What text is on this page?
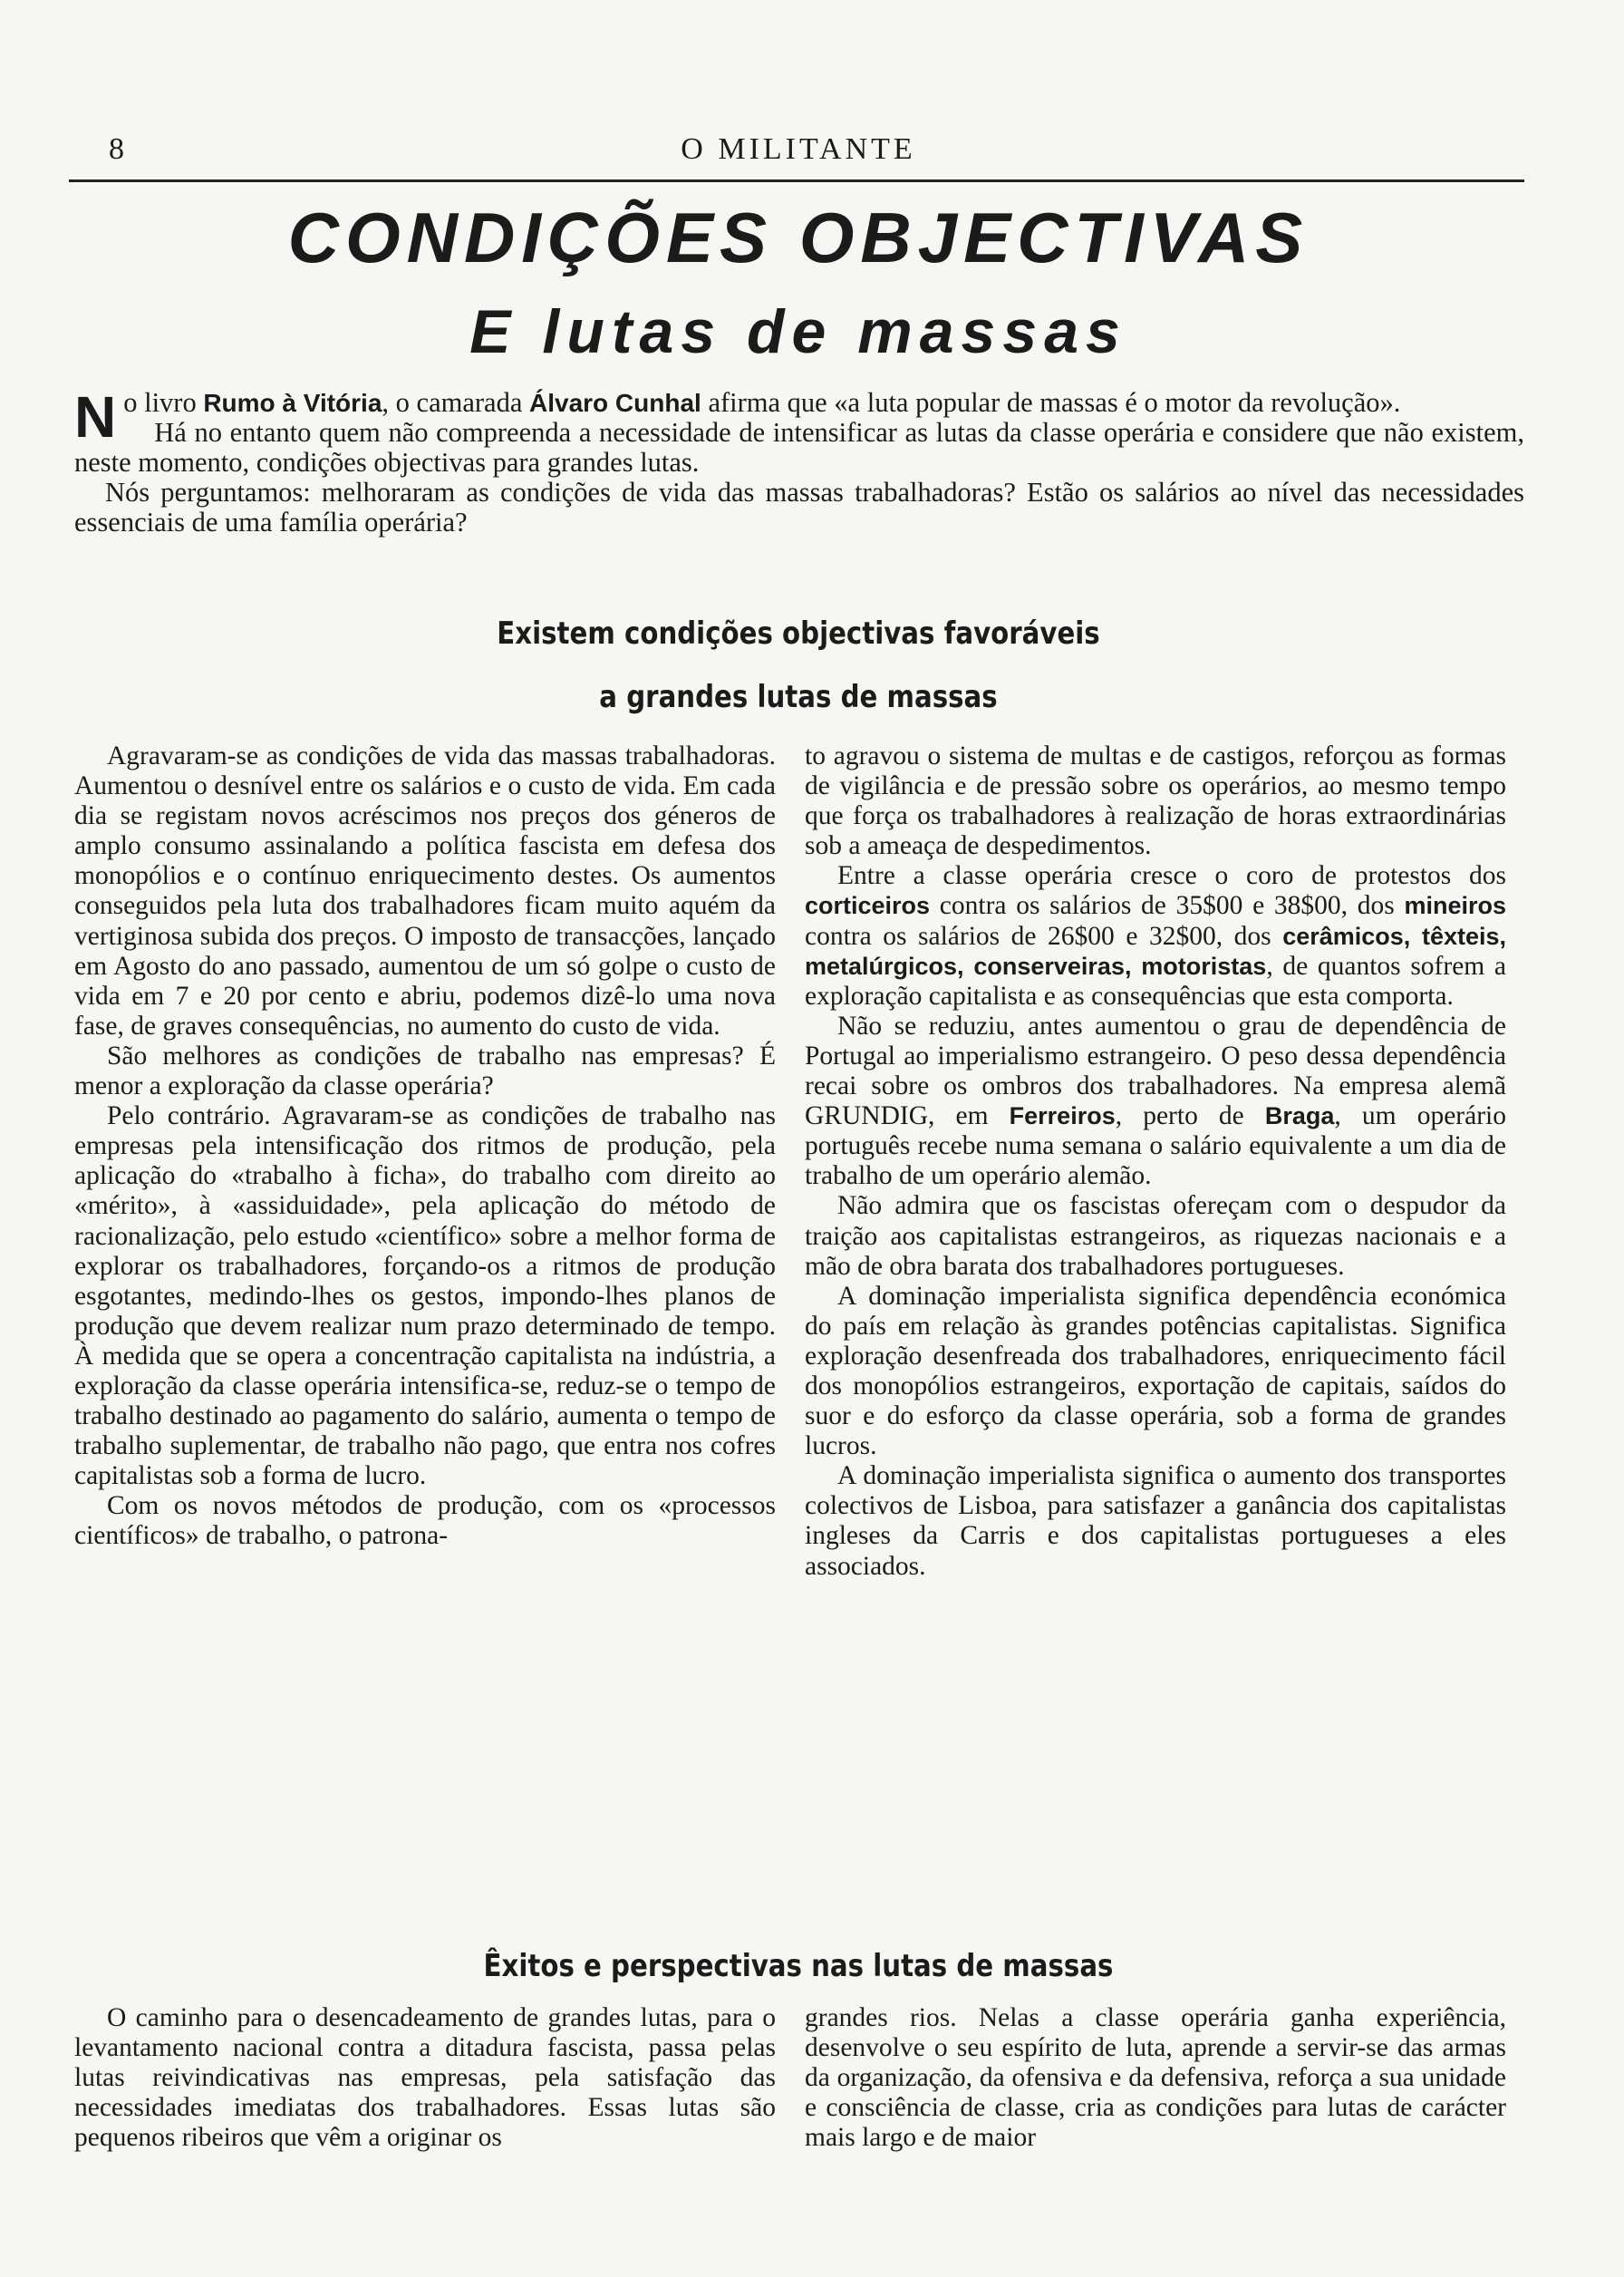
8	O MILITANTE
CONDIÇÕES OBJECTIVAS
E lutas de massas

No livro Rumo à Vitória, o camarada Álvaro Cunhal afirma que «a luta popular de massas é o motor da revolução».

Há no entanto quem não compreenda a necessidade de intensificar as lutas da classe operária e considere que não existem, neste momento, condições objectivas para grandes lutas.

Nós perguntamos: melhoraram as condições de vida das massas trabalhadoras? Estão os salários ao nível das necessidades essenciais de uma família operária?

Existem condições objectivas favoráveis
a grandes lutas de massas

Agravaram-se as condições de vida das massas trabalhadoras. Aumentou o desnível entre os salários e o custo de vida. Em cada dia se registam novos acréscimos nos preços dos géneros de amplo consumo assinalando a política fascista em defesa dos monopólios e o contínuo enriquecimento destes. Os aumentos conseguidos pela luta dos trabalhadores ficam muito aquém da vertiginosa subida dos preços. O imposto de transacções, lançado em Agosto do ano passado, aumentou de um só golpe o custo de vida em 7 e 20 por cento e abriu, podemos dizê-lo uma nova fase, de graves consequências, no aumento do custo de vida.

São melhores as condições de trabalho nas empresas? É menor a exploração da classe operária?

Pelo contrário. Agravaram-se as condições de trabalho nas empresas pela intensificação dos ritmos de produção, pela aplicação do «trabalho à ficha», do trabalho com direito ao «mérito», à «assiduidade», pela aplicação do método de racionalização, pelo estudo «científico» sobre a melhor forma de explorar os trabalhadores, forçando-os a ritmos de produção esgotantes, medindo-lhes os gestos, impondo-lhes planos de produção que devem realizar num prazo determinado de tempo. À medida que se opera a concentração capitalista na indústria, a exploração da classe operária intensifica-se, reduz-se o tempo de trabalho destinado ao pagamento do salário, aumenta o tempo de trabalho suplementar, de trabalho não pago, que entra nos cofres capitalistas sob a forma de lucro.

Com os novos métodos de produção, com os «processos científicos» de trabalho, o patrona-

to agravou o sistema de multas e de castigos, reforçou as formas de vigilância e de pressão sobre os operários, ao mesmo tempo que força os trabalhadores à realização de horas extraordinárias sob a ameaça de despedimentos.

Entre a classe operária cresce o coro de protestos dos corticeiros contra os salários de 35$00 e 38$00, dos mineiros contra os salários de 26$00 e 32$00, dos cerâmicos, têxteis, metalúrgicos, conserveiras, motoristas, de quantos sofrem a exploração capitalista e as consequências que esta comporta.

Não se reduziu, antes aumentou o grau de dependência de Portugal ao imperialismo estrangeiro. O peso dessa dependência recai sobre os ombros dos trabalhadores. Na empresa alemã GRUNDIG, em Ferreiros, perto de Braga, um operário português recebe numa semana o salário equivalente a um dia de trabalho de um operário alemão.

Não admira que os fascistas ofereçam com o despudor da traição aos capitalistas estrangeiros, as riquezas nacionais e a mão de obra barata dos trabalhadores portugueses.

A dominação imperialista significa dependência económica do país em relação às grandes potências capitalistas. Significa exploração desenfreada dos trabalhadores, enriquecimento fácil dos monopólios estrangeiros, exportação de capitais, saídos do suor e do esforço da classe operária, sob a forma de grandes lucros.

A dominação imperialista significa o aumento dos transportes colectivos de Lisboa, para satisfazer a ganância dos capitalistas ingleses da Carris e dos capitalistas portugueses a eles associados.

Êxitos e perspectivas nas lutas de massas

O caminho para o desencadeamento de grandes lutas, para o levantamento nacional contra a ditadura fascista, passa pelas lutas reivindicativas nas empresas, pela satisfação das necessidades imediatas dos trabalhadores. Essas lutas são pequenos ribeiros que vêm a originar os

grandes rios. Nelas a classe operária ganha experiência, desenvolve o seu espírito de luta, aprende a servir-se das armas da organização, da ofensiva e da defensiva, reforça a sua unidade e consciência de classe, cria as condições para lutas de carácter mais largo e de maior
